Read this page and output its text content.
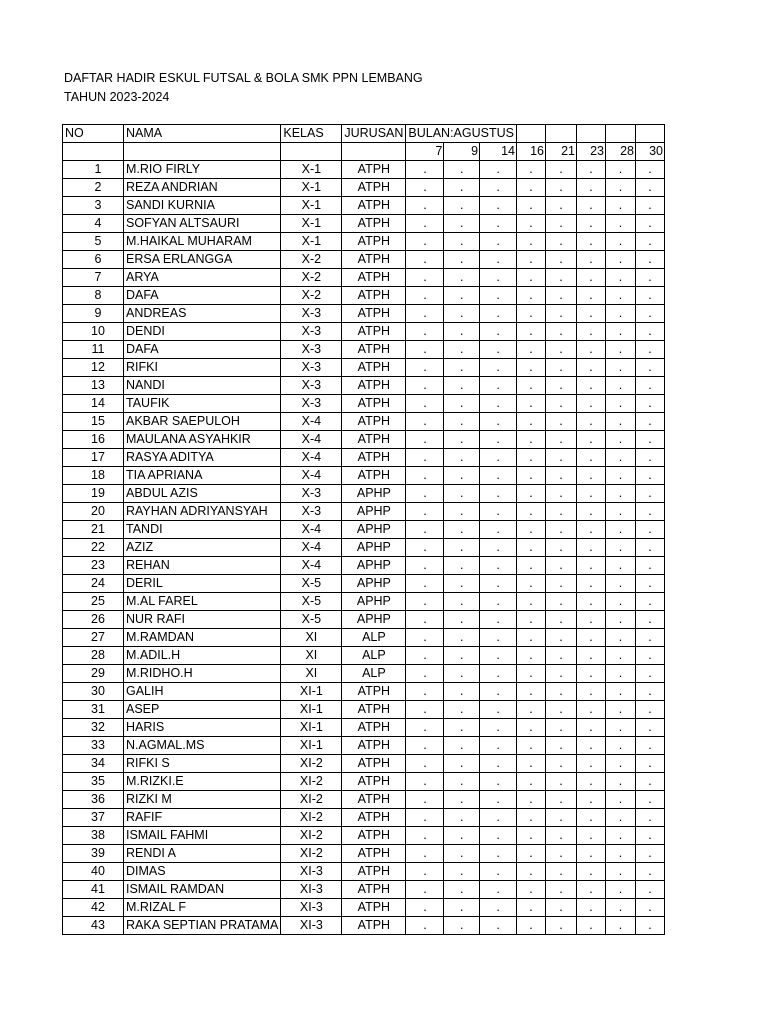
DAFTAR HADIR ESKUL FUTSAL & BOLA SMK PPN LEMBANG
TAHUN 2023-2024
NO	NAMA	KELAS	JURUSAN	BULAN:AGUSTUS							
				7	9	14	16	21	23	28	30
1	M.RIO FIRLY	X-1	ATPH	.	.	.	.	.	.	.	.
2	REZA ANDRIAN	X-1	ATPH	.	.	.	.	.	.	.	.
3	SANDI KURNIA	X-1	ATPH	.	.	.	.	.	.	.	.
4	SOFYAN ALTSAURI	X-1	ATPH	.	.	.	.	.	.	.	.
5	M.HAIKAL MUHARAM	X-1	ATPH	.	.	.	.	.	.	.	.
6	ERSA ERLANGGA	X-2	ATPH	.	.	.	.	.	.	.	.
7	ARYA	X-2	ATPH	.	.	.	.	.	.	.	.
8	DAFA	X-2	ATPH	.	.	.	.	.	.	.	.
9	ANDREAS	X-3	ATPH	.	.	.	.	.	.	.	.
10	DENDI	X-3	ATPH	.	.	.	.	.	.	.	.
11	DAFA	X-3	ATPH	.	.	.	.	.	.	.	.
12	RIFKI	X-3	ATPH	.	.	.	.	.	.	.	.
13	NANDI	X-3	ATPH	.	.	.	.	.	.	.	.
14	TAUFIK	X-3	ATPH	.	.	.	.	.	.	.	.
15	AKBAR SAEPULOH	X-4	ATPH	.	.	.	.	.	.	.	.
16	MAULANA ASYAHKIR	X-4	ATPH	.	.	.	.	.	.	.	.
17	RASYA ADITYA	X-4	ATPH	.	.	.	.	.	.	.	.
18	TIA APRIANA	X-4	ATPH	.	.	.	.	.	.	.	.
19	ABDUL AZIS	X-3	APHP	.	.	.	.	.	.	.	.
20	RAYHAN ADRIYANSYAH	X-3	APHP	.	.	.	.	.	.	.	.
21	TANDI	X-4	APHP	.	.	.	.	.	.	.	.
22	AZIZ	X-4	APHP	.	.	.	.	.	.	.	.
23	REHAN	X-4	APHP	.	.	.	.	.	.	.	.
24	DERIL	X-5	APHP	.	.	.	.	.	.	.	.
25	M.AL FAREL	X-5	APHP	.	.	.	.	.	.	.	.
26	NUR RAFI	X-5	APHP	.	.	.	.	.	.	.	.
27	M.RAMDAN	XI	ALP	.	.	.	.	.	.	.	.
28	M.ADIL.H	XI	ALP	.	.	.	.	.	.	.	.
29	M.RIDHO.H	XI	ALP	.	.	.	.	.	.	.	.
30	GALIH	XI-1	ATPH	.	.	.	.	.	.	.	.
31	ASEP	XI-1	ATPH	.	.	.	.	.	.	.	.
32	HARIS	XI-1	ATPH	.	.	.	.	.	.	.	.
33	N.AGMAL.MS	XI-1	ATPH	.	.	.	.	.	.	.	.
34	RIFKI S	XI-2	ATPH	.	.	.	.	.	.	.	.
35	M.RIZKI.E	XI-2	ATPH	.	.	.	.	.	.	.	.
36	RIZKI M	XI-2	ATPH	.	.	.	.	.	.	.	.
37	RAFIF	XI-2	ATPH	.	.	.	.	.	.	.	.
38	ISMAIL FAHMI	XI-2	ATPH	.	.	.	.	.	.	.	.
39	RENDI A	XI-2	ATPH	.	.	.	.	.	.	.	.
40	DIMAS	XI-3	ATPH	.	.	.	.	.	.	.	.
41	ISMAIL RAMDAN	XI-3	ATPH	.	.	.	.	.	.	.	.
42	M.RIZAL F	XI-3	ATPH	.	.	.	.	.	.	.	.
43	RAKA SEPTIAN PRATAMA	XI-3	ATPH	.	.	.	.	.	.	.	.
